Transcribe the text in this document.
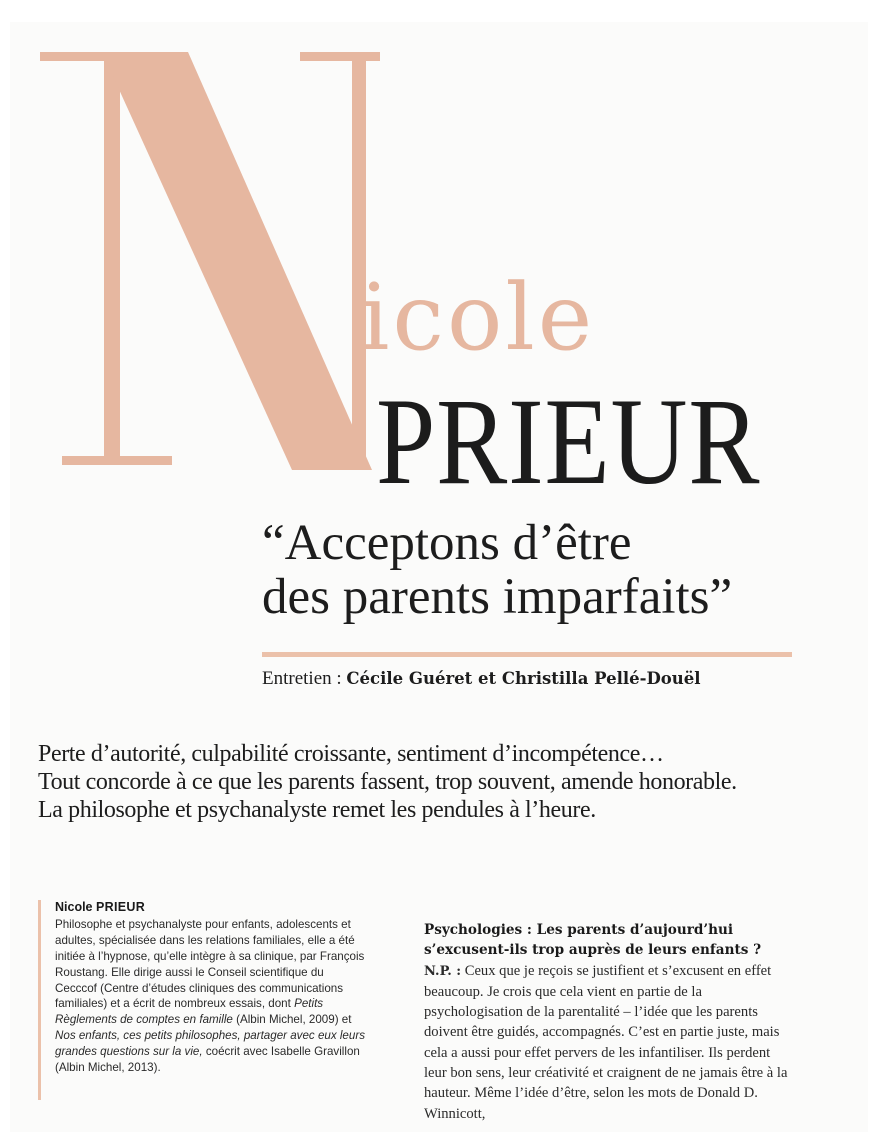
icole
PRIEUR
“Acceptons d’être
des parents imparfaits”
Entretien : Cécile Guéret et Christilla Pellé-Douël
Perte d’autorité, culpabilité croissante, sentiment d’incompétence…
Tout concorde à ce que les parents fassent, trop souvent, amende honorable.
La philosophe et psychanalyste remet les pendules à l’heure.
Nicole PRIEUR
Philosophe et psychanalyste pour enfants, adolescents et adultes, spécialisée dans les relations familiales, elle a été initiée à l’hypnose, qu’elle intègre à sa clinique, par François Roustang. Elle dirige aussi le Conseil scientifique du Cecccof (Centre d’études cliniques des communications familiales) et a écrit de nombreux essais, dont Petits Règlements de comptes en famille (Albin Michel, 2009) et Nos enfants, ces petits philosophes, partager avec eux leurs grandes questions sur la vie, coécrit avec Isabelle Gravillon (Albin Michel, 2013).
Psychologies : Les parents d’aujourd’hui s’excusent-ils trop auprès de leurs enfants ?
N.P. : Ceux que je reçois se justifient et s’excusent en effet beaucoup. Je crois que cela vient en partie de la psychologisation de la parentalité – l’idée que les parents doivent être guidés, accompagnés. C’est en partie juste, mais cela a aussi pour effet pervers de les infantiliser. Ils perdent leur bon sens, leur créativité et craignent de ne jamais être à la hauteur. Même l’idée d’être, selon les mots de Donald D. Winnicott,
